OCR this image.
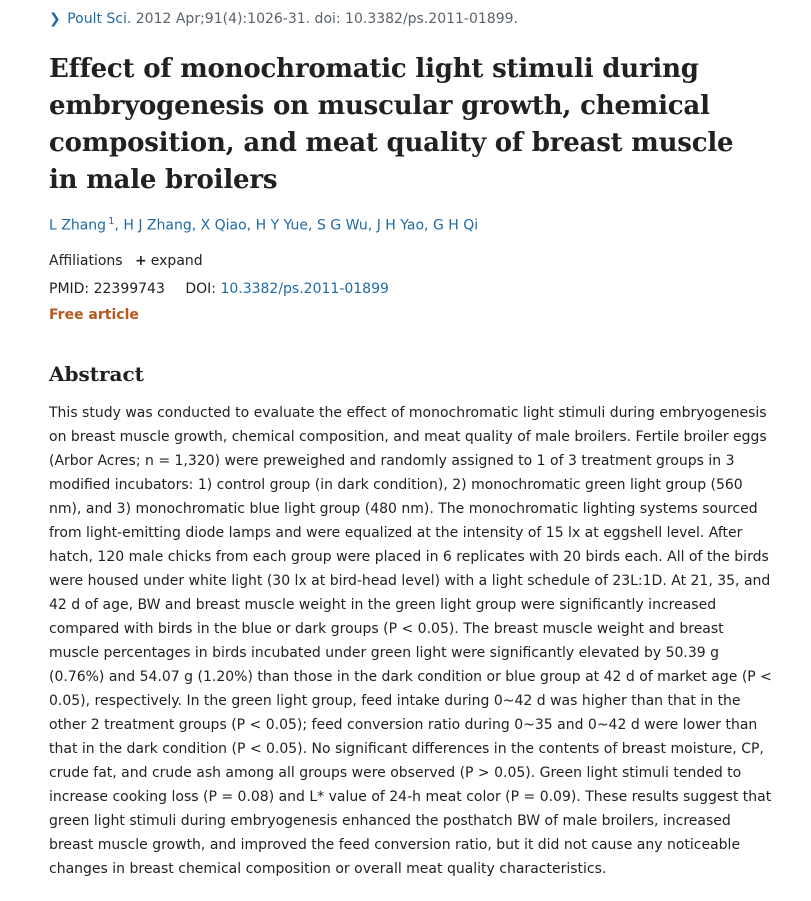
❯ Poult Sci. 2012 Apr;91(4):1026-31. doi: 10.3382/ps.2011-01899.
Effect of monochromatic light stimuli during embryogenesis on muscular growth, chemical composition, and meat quality of breast muscle in male broilers
L Zhang $^1$, H J Zhang, X Qiao, H Y Yue, S G Wu, J H Yao, G H Qi
Affiliations + expand
PMID: 22399743 DOI: 10.3382/ps.2011-01899
Free article
Abstract

This study was conducted to evaluate the effect of monochromatic light stimuli during embryogenesis on breast muscle growth, chemical composition, and meat quality of male broilers. Fertile broiler eggs (Arbor Acres; n = 1,320) were preweighed and randomly assigned to 1 of 3 treatment groups in 3 modified incubators: 1) control group (in dark condition), 2) monochromatic green light group (560 nm), and 3) monochromatic blue light group (480 nm). The monochromatic lighting systems sourced from light-emitting diode lamps and were equalized at the intensity of 15 lx at eggshell level. After hatch, 120 male chicks from each group were placed in 6 replicates with 20 birds each. All of the birds were housed under white light (30 lx at bird-head level) with a light schedule of 23L:1D. At 21, 35, and 42 d of age, BW and breast muscle weight in the green light group were significantly increased compared with birds in the blue or dark groups (P < 0.05). The breast muscle weight and breast muscle percentages in birds incubated under green light were significantly elevated by 50.39 g (0.76%) and 54.07 g (1.20%) than those in the dark condition or blue group at 42 d of market age (P < 0.05), respectively. In the green light group, feed intake during 0~42 d was higher than that in the other 2 treatment groups (P < 0.05); feed conversion ratio during 0~35 and 0~42 d were lower than that in the dark condition (P < 0.05). No significant differences in the contents of breast moisture, CP, crude fat, and crude ash among all groups were observed (P > 0.05). Green light stimuli tended to increase cooking loss (P = 0.08) and L* value of 24-h meat color (P = 0.09). These results suggest that green light stimuli during embryogenesis enhanced the posthatch BW of male broilers, increased breast muscle growth, and improved the feed conversion ratio, but it did not cause any noticeable changes in breast chemical composition or overall meat quality characteristics.
